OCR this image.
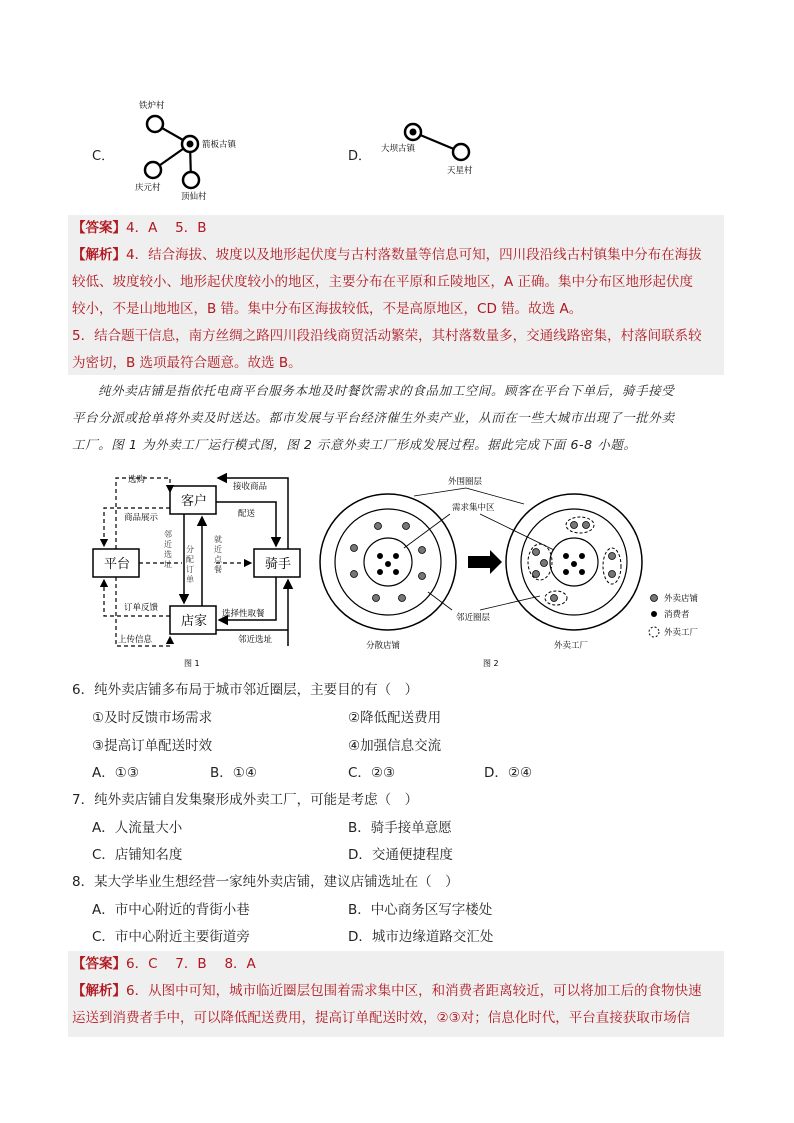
C．
铁炉村
箭板古镇
庆元村
顶仙村
D． 大坝古镇
天星村
【答案】4．A　 5．B
【解析】4．结合海拔、坡度以及地形起伏度与古村落数量等信息可知，四川段沿线古村镇集中分布在海拔
较低、坡度较小、地形起伏度较小的地区，主要分布在平原和丘陵地区，A 正确。集中分布区地形起伏度
较小，不是山地地区，B 错。集中分布区海拔较低，不是高原地区，CD 错。故选 A。
5．结合题干信息，南方丝绸之路四川段沿线商贸活动繁荣，其村落数量多，交通线路密集，村落间联系较
为密切，B 选项最符合题意。故选 B。
纯外卖店铺是指依托电商平台服务本地及时餐饮需求的食品加工空间。顾客在平台下单后，骑手接受
平台分派或抢单将外卖及时送达。都市发展与平台经济催生外卖产业，从而在一些大城市出现了一批外卖
工厂。图 1 为外卖工厂运行模式图，图 2 示意外卖工厂形成发展过程。据此完成下面 6-8 小题。
客户
平台	骑手
店家
选购
接收商品
商品展示	配送
订单反馈
选择性取餐
上传信息	邻近选址
图 1
邻近选址
分配订单
就近点餐
外围圈层
需求集中区
邻近圈层
分散店铺	外卖工厂
图 2
外卖店铺
消费者
外卖工厂
6．纯外卖店铺多布局于城市邻近圈层，主要目的有（　）
①及时反馈市场需求	②降低配送费用
③提高订单配送时效	④加强信息交流
A．①③	B．①④	C．②③	D．②④
7．纯外卖店铺自发集聚形成外卖工厂，可能是考虑（　）
A．人流量大小	B．骑手接单意愿
C．店铺知名度	D．交通便捷程度
8．某大学毕业生想经营一家纯外卖店铺，建议店铺选址在（　）
A．市中心附近的背街小巷	B．中心商务区写字楼处
C．市中心附近主要街道旁	D．城市边缘道路交汇处
【答案】6．C　 7．B　 8．A
【解析】6．从图中可知，城市临近圈层包围着需求集中区，和消费者距离较近，可以将加工后的食物快速
运送到消费者手中，可以降低配送费用，提高订单配送时效，②③对；信息化时代，平台直接获取市场信
